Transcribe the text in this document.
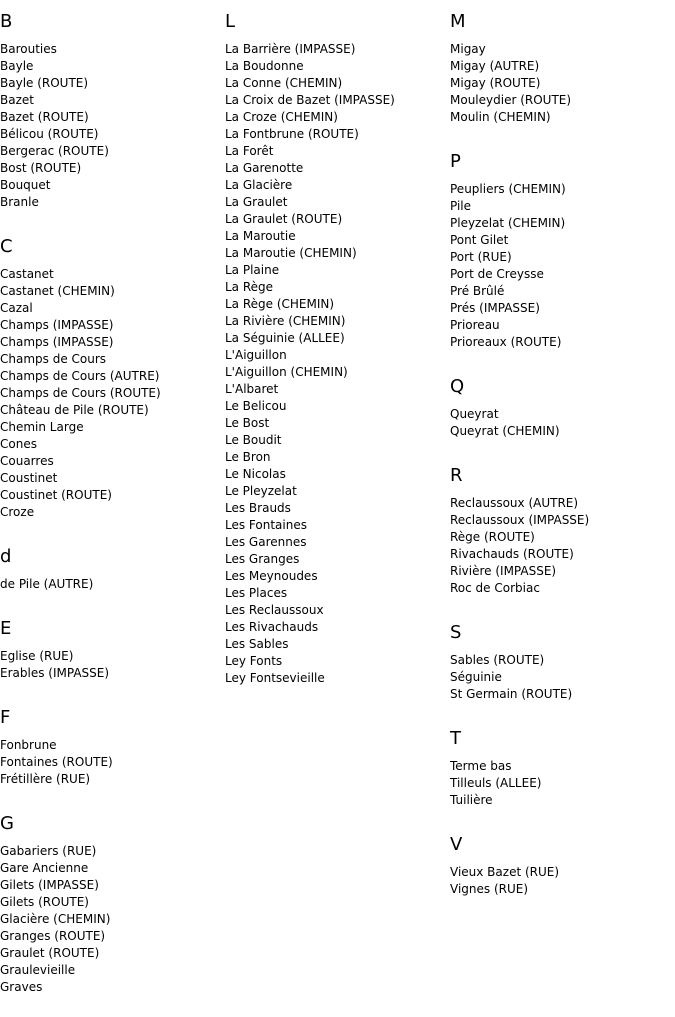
B
Barouties
Bayle
Bayle (ROUTE)
Bazet
Bazet (ROUTE)
Bélicou (ROUTE)
Bergerac (ROUTE)
Bost (ROUTE)
Bouquet
Branle
C
Castanet
Castanet (CHEMIN)
Cazal
Champs (IMPASSE)
Champs (IMPASSE)
Champs de Cours
Champs de Cours (AUTRE)
Champs de Cours (ROUTE)
Château de Pile (ROUTE)
Chemin Large
Cones
Couarres
Coustinet
Coustinet (ROUTE)
Croze
d
de Pile (AUTRE)
E
Eglise (RUE)
Erables (IMPASSE)
F
Fonbrune
Fontaines (ROUTE)
Frétillère (RUE)
G
Gabariers (RUE)
Gare Ancienne
Gilets (IMPASSE)
Gilets (ROUTE)
Glacière (CHEMIN)
Granges (ROUTE)
Graulet (ROUTE)
Graulevieille
Graves
L
La Barrière (IMPASSE)
La Boudonne
La Conne (CHEMIN)
La Croix de Bazet (IMPASSE)
La Croze (CHEMIN)
La Fontbrune (ROUTE)
La Forêt
La Garenotte
La Glacière
La Graulet
La Graulet (ROUTE)
La Maroutie
La Maroutie (CHEMIN)
La Plaine
La Rège
La Rège (CHEMIN)
La Rivière (CHEMIN)
La Séguinie (ALLEE)
L'Aiguillon
L'Aiguillon (CHEMIN)
L'Albaret
Le Belicou
Le Bost
Le Boudit
Le Bron
Le Nicolas
Le Pleyzelat
Les Brauds
Les Fontaines
Les Garennes
Les Granges
Les Meynoudes
Les Places
Les Reclaussoux
Les Rivachauds
Les Sables
Ley Fonts
Ley Fontsevieille
M
Migay
Migay (AUTRE)
Migay (ROUTE)
Mouleydier (ROUTE)
Moulin (CHEMIN)
P
Peupliers (CHEMIN)
Pile
Pleyzelat (CHEMIN)
Pont Gilet
Port (RUE)
Port de Creysse
Pré Brûlé
Prés (IMPASSE)
Prioreau
Prioreaux (ROUTE)
Q
Queyrat
Queyrat (CHEMIN)
R
Reclaussoux (AUTRE)
Reclaussoux (IMPASSE)
Rège (ROUTE)
Rivachauds (ROUTE)
Rivière (IMPASSE)
Roc de Corbiac
S
Sables (ROUTE)
Séguinie
St Germain (ROUTE)
T
Terme bas
Tilleuls (ALLEE)
Tuilière
V
Vieux Bazet (RUE)
Vignes (RUE)
